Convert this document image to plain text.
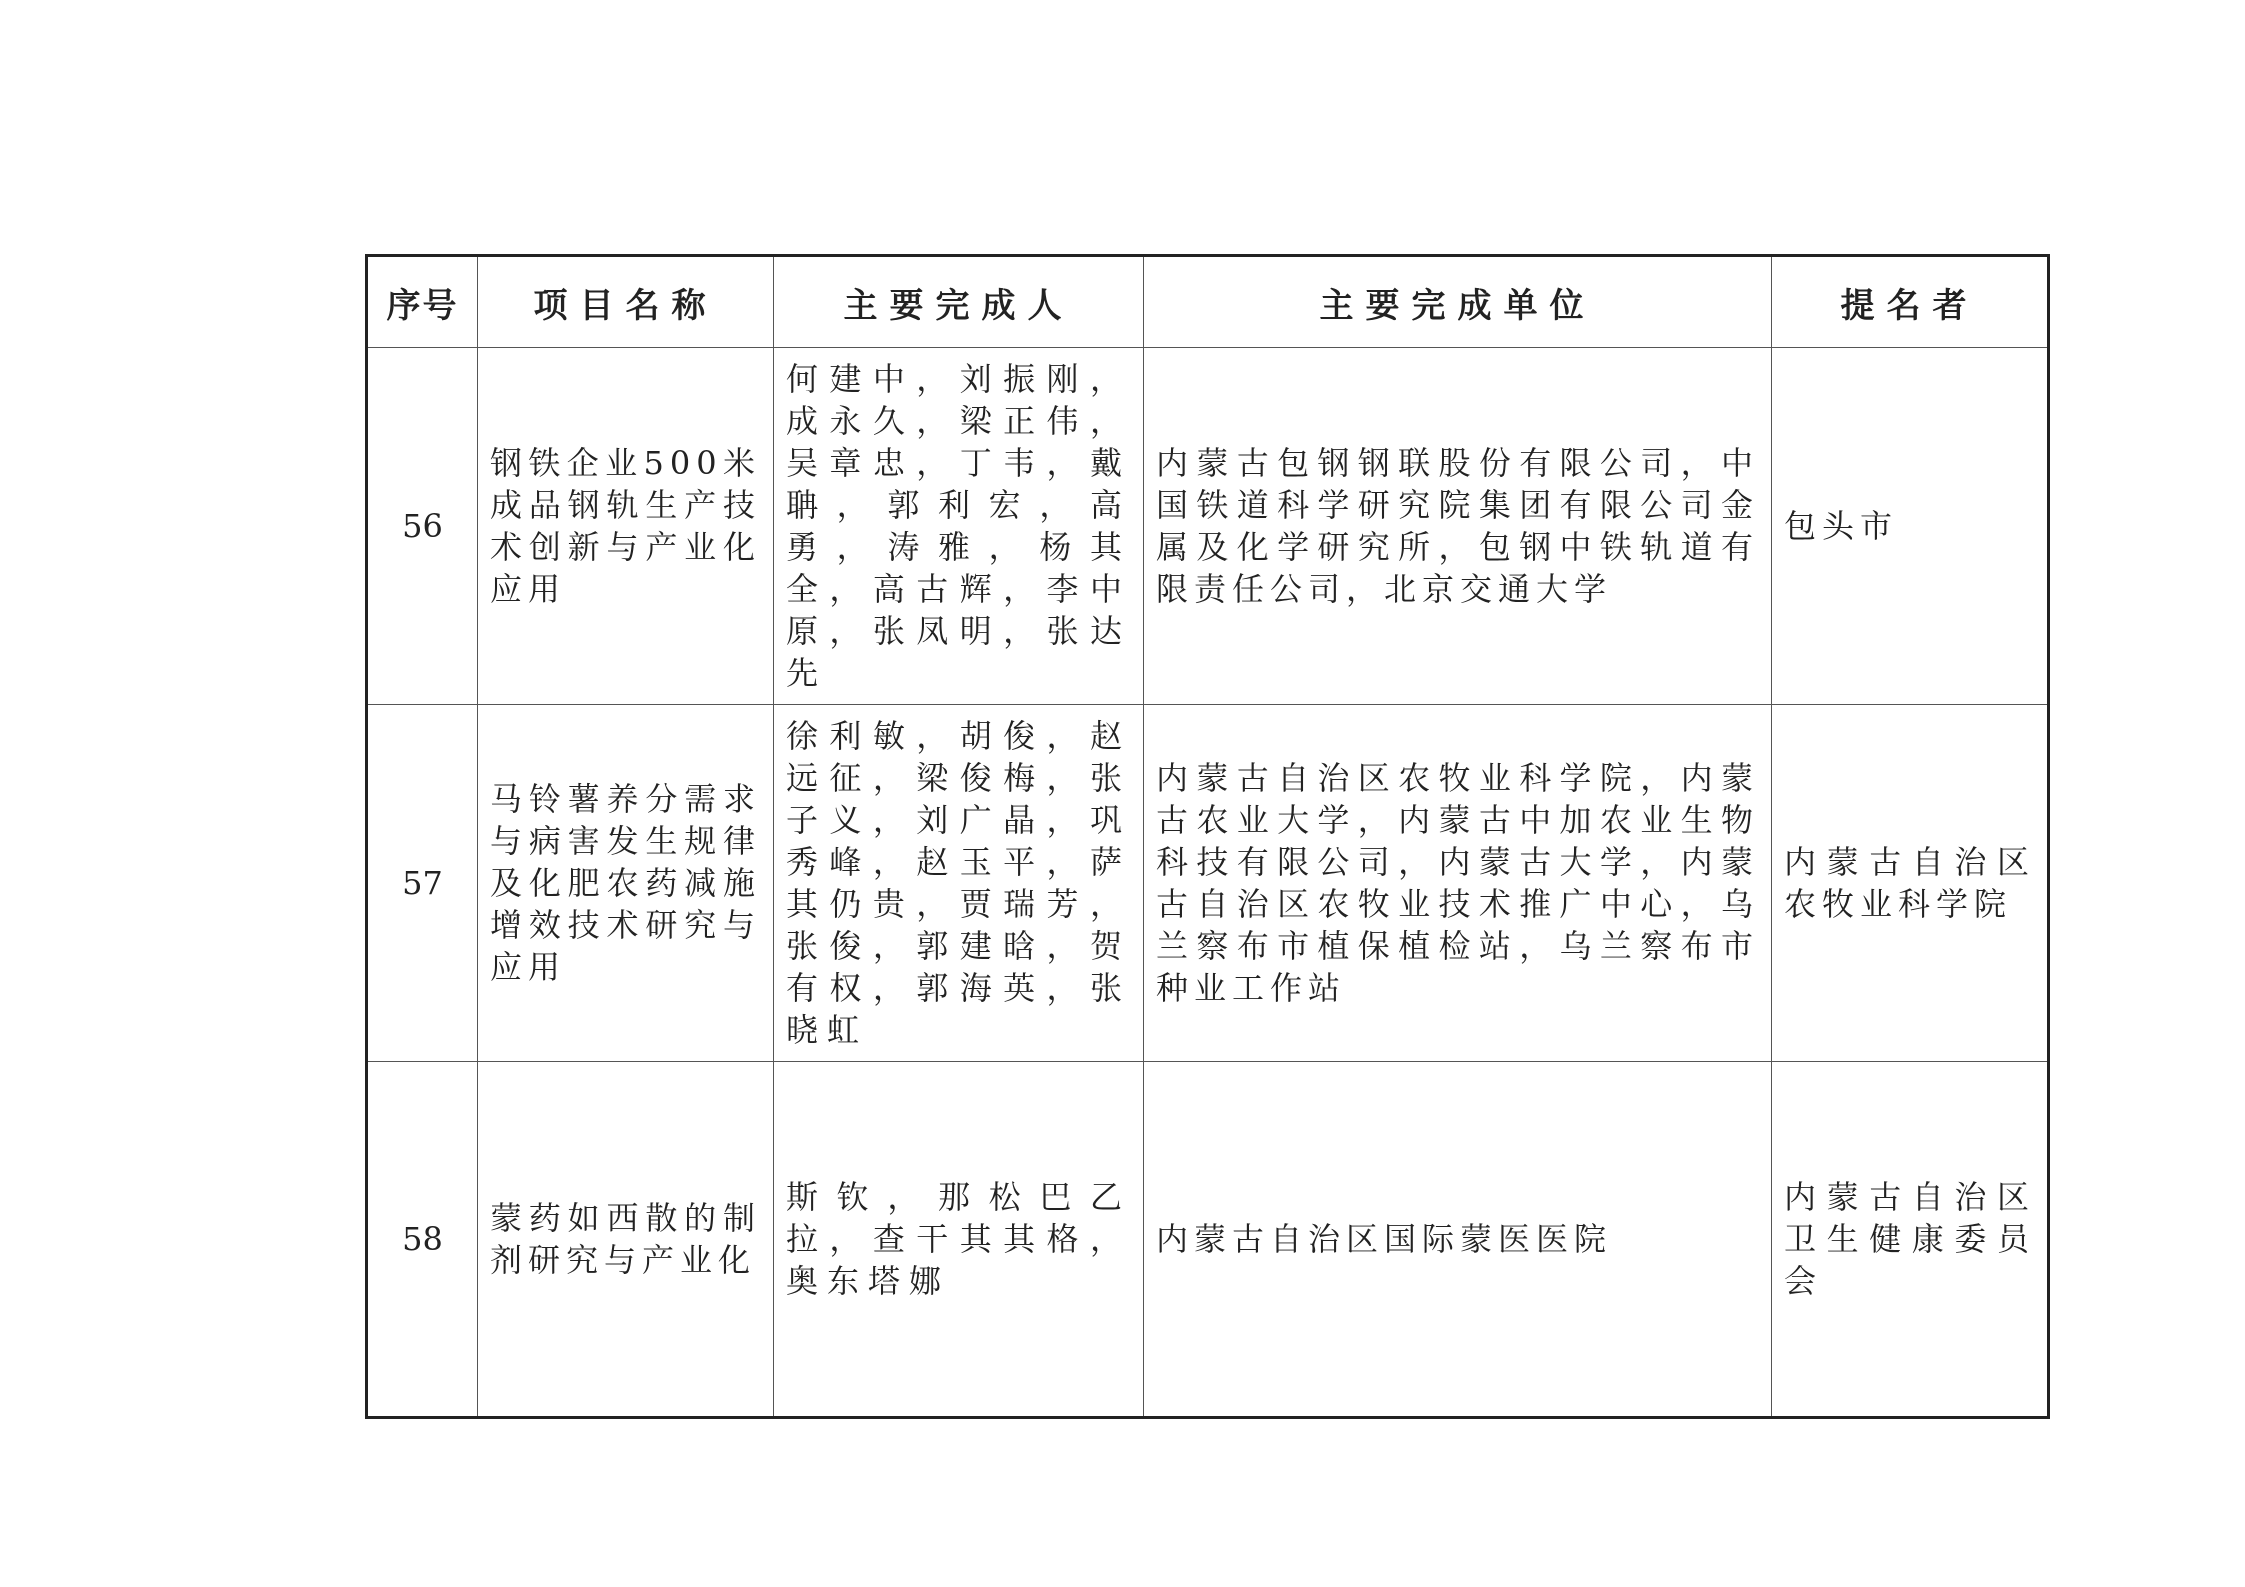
序号	项目名称	主要完成人	主要完成单位	提名者
56	钢铁企业500米成品钢轨生产技术创新与产业化应用	何建中，刘振刚，成永久，梁正伟，吴章忠，丁韦，戴聃，郭利宏，高勇，涛雅，杨其全，高古辉，李中原，张凤明，张达先	内蒙古包钢钢联股份有限公司，中国铁道科学研究院集团有限公司金属及化学研究所，包钢中铁轨道有限责任公司，北京交通大学	包头市
57	马铃薯养分需求与病害发生规律及化肥农药减施增效技术研究与应用	徐利敏，胡俊，赵远征，梁俊梅，张子义，刘广晶，巩秀峰，赵玉平，萨其仍贵，贾瑞芳，张俊，郭建晗，贺有权，郭海英，张晓虹	内蒙古自治区农牧业科学院，内蒙古农业大学，内蒙古中加农业生物科技有限公司，内蒙古大学，内蒙古自治区农牧业技术推广中心，乌兰察布市植保植检站，乌兰察布市种业工作站	内蒙古自治区农牧业科学院
58	蒙药如西散的制剂研究与产业化	斯钦，那松巴乙拉，查干其其格，奥东塔娜	内蒙古自治区国际蒙医医院	内蒙古自治区卫生健康委员会
